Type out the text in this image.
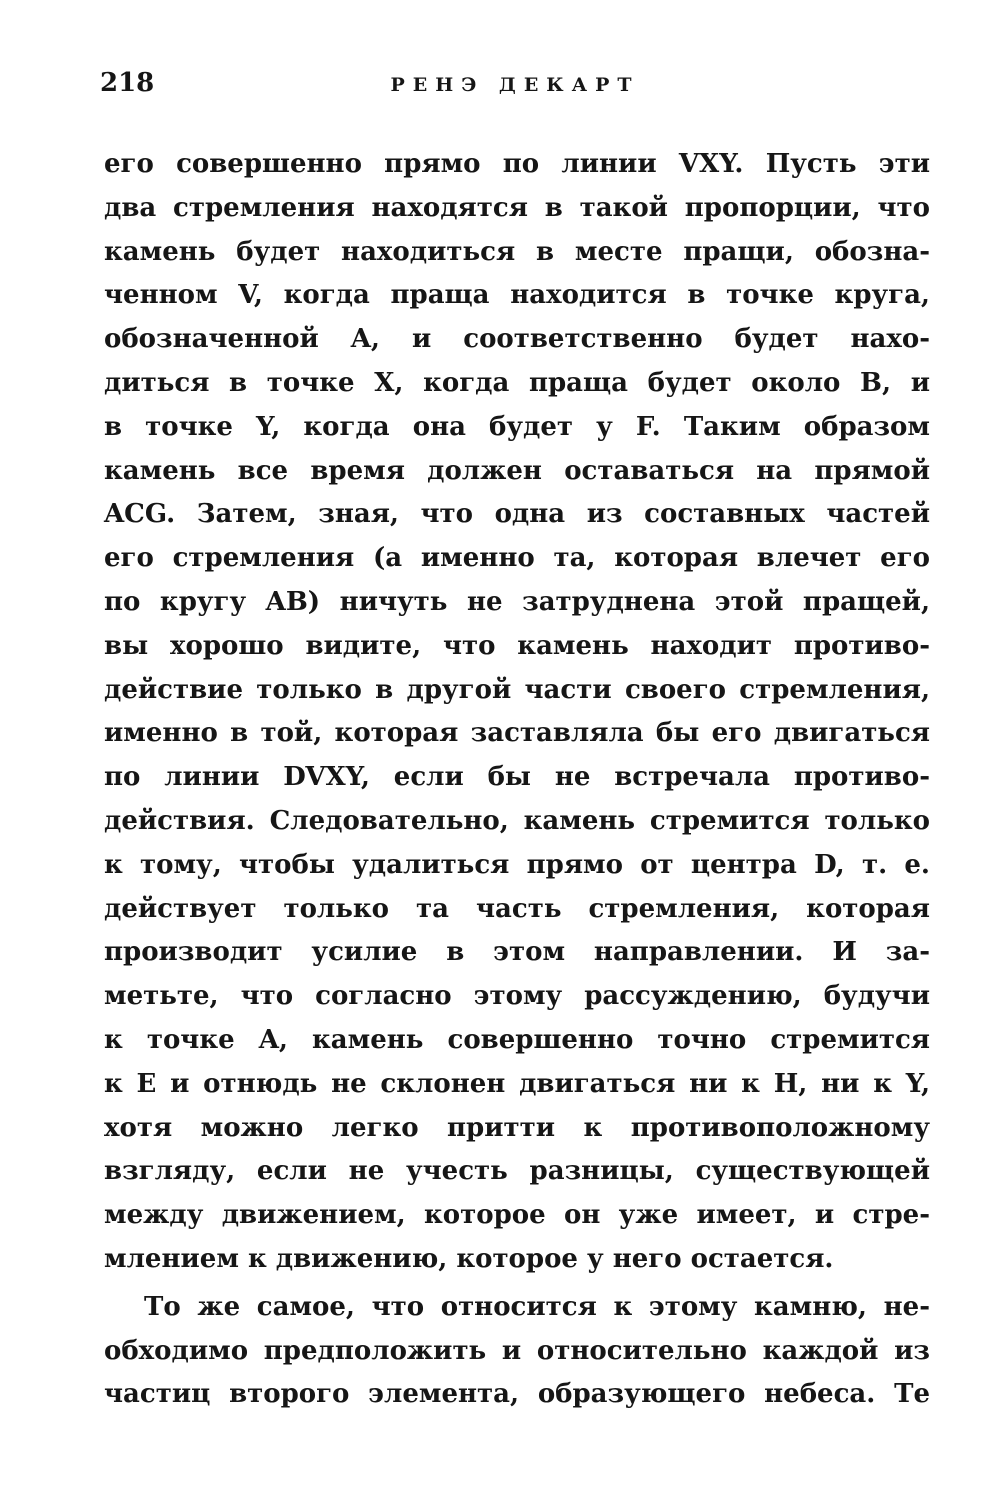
218	РЕНЭ ДЕКАРТ
его совершенно прямо по линии VXY. Пусть эти
два стремления находятся в такой пропорции, что
камень будет находиться в месте пращи, обозна-
ченном V, когда праща находится в точке круга,
обозначенной A, и соответственно будет нахо-
диться в точке X, когда праща будет около B, и
в точке Y, когда она будет у F. Таким образом
камень все время должен оставаться на прямой
ACG. Затем, зная, что одна из составных частей
его стремления (а именно та, которая влечет его
по кругу AB) ничуть не затруднена этой пращей,
вы хорошо видите, что камень находит противо-
действие только в другой части своего стремления,
именно в той, которая заставляла бы его двигаться
по линии DVXY, если бы не встречала противо-
действия. Следовательно, камень стремится только
к тому, чтобы удалиться прямо от центра D, т. е.
действует только та часть стремления, которая
производит усилие в этом направлении. И за-
метьте, что согласно этому рассуждению, будучи
к точке A, камень совершенно точно стремится
к E и отнюдь не склонен двигаться ни к H, ни к Y,
хотя можно легко притти к противоположному
взгляду, если не учесть разницы, существующей
между движением, которое он уже имеет, и стре-
млением к движению, которое у него остается.
То же самое, что относится к этому камню, не-
обходимо предположить и относительно каждой из
частиц второго элемента, образующего небеса. Те
